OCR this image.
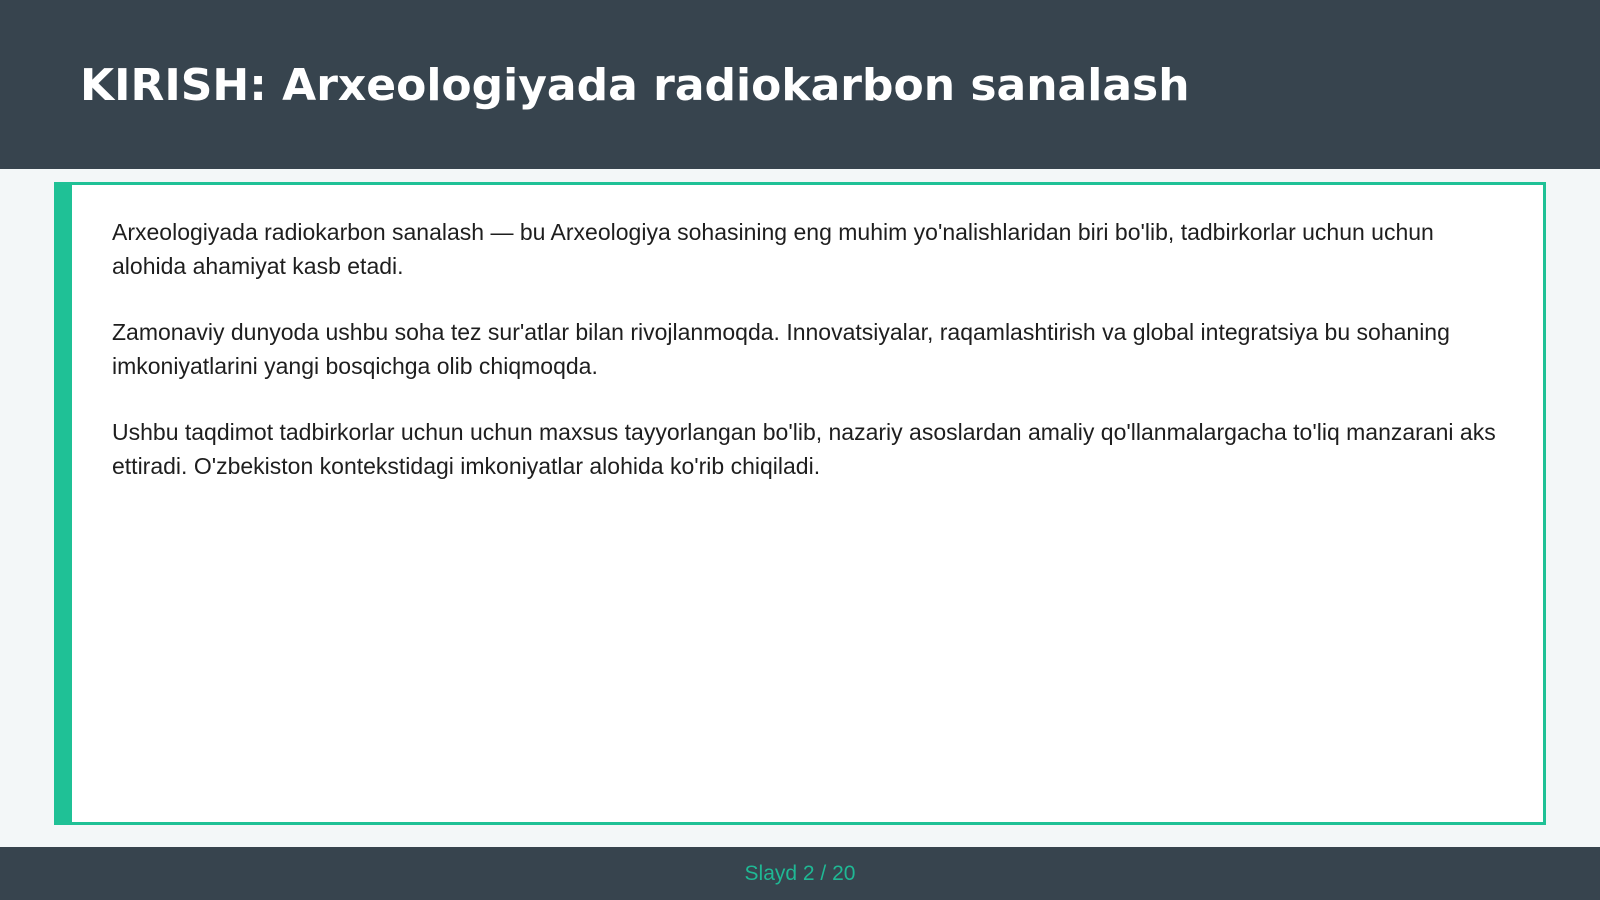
KIRISH: Arxeologiyada radiokarbon sanalash

Arxeologiyada radiokarbon sanalash — bu Arxeologiya sohasining eng muhim yo'nalishlaridan biri bo'lib, tadbirkorlar uchun uchun alohida ahamiyat kasb etadi.

Zamonaviy dunyoda ushbu soha tez sur'atlar bilan rivojlanmoqda. Innovatsiyalar, raqamlashtirish va global integratsiya bu sohaning imkoniyatlarini yangi bosqichga olib chiqmoqda.

Ushbu taqdimot tadbirkorlar uchun uchun maxsus tayyorlangan bo'lib, nazariy asoslardan amaliy qo'llanmalargacha to'liq manzarani aks ettiradi. O'zbekiston kontekstidagi imkoniyatlar alohida ko'rib chiqiladi.

Slayd 2 / 20
